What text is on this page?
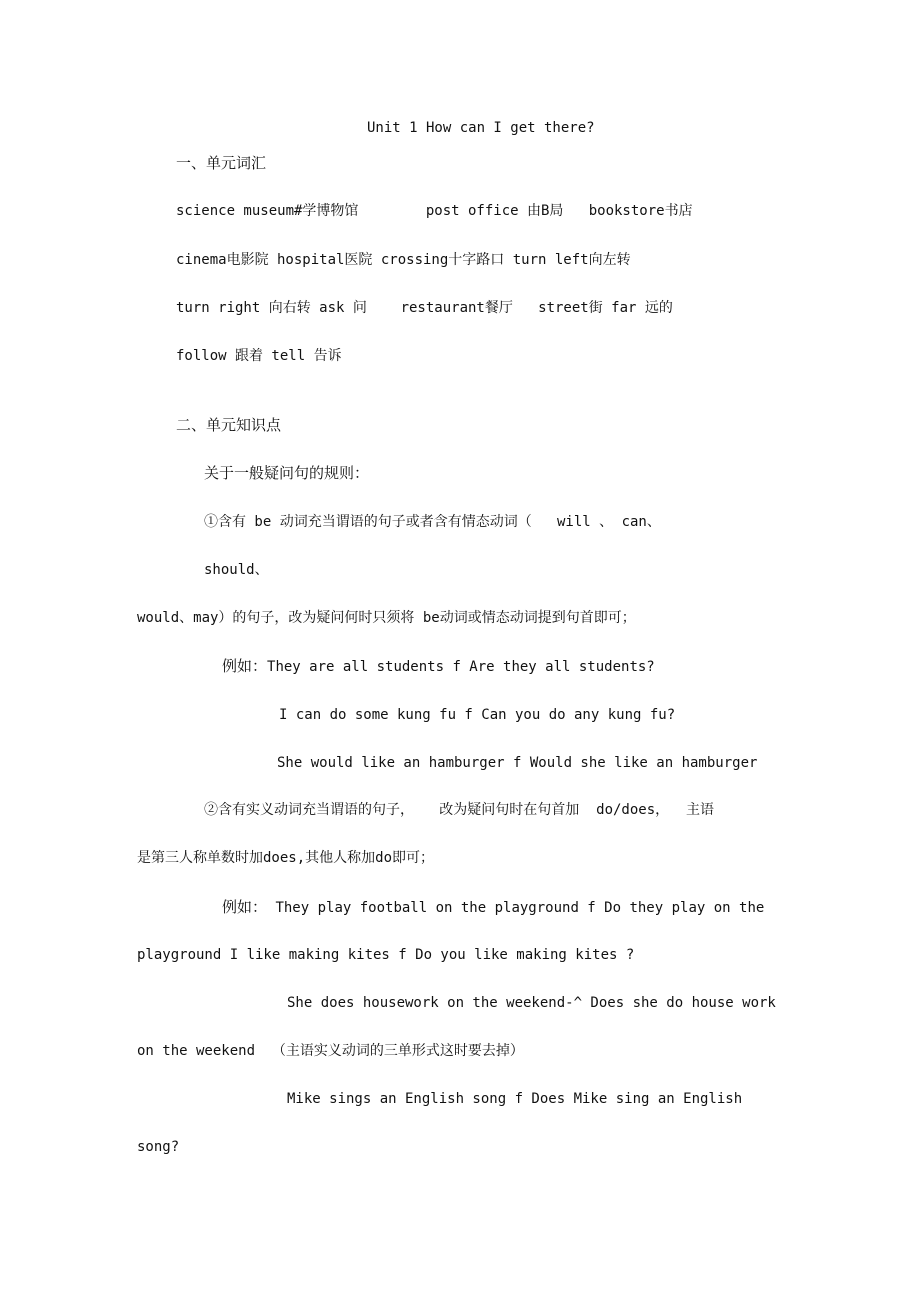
Unit 1 How can I get there?
一、单元词汇
science museum#学博物馆        post office 由B局   bookstore书店
cinema电影院 hospital医院 crossing十字路口 turn left向左转
turn right 向右转 ask 问    restaurant餐厅   street街 far 远的
follow 跟着 tell 告诉
二、单元知识点
关于一般疑问句的规则：
①含有 be 动词充当谓语的句子或者含有情态动词（   will 、 can、
should、
would、may）的句子，改为疑问何时只须将 be动词或情态动词提到句首即可；
例如：They are all students f Are they all students?
I can do some kung fu f Can you do any kung fu?
She would like an hamburger f Would she like an hamburger
②含有实义动词充当谓语的句子，   改为疑问句时在句首加  do/does，  主语
是第三人称单数时加does,其他人称加do即可；
例如： They play football on the playground f Do they play on the
playground I like making kites f Do you like making kites ?
She does housework on the weekend-^ Does she do house work
on the weekend  （主语实义动词的三单形式这时要去掉）
Mike sings an English song f Does Mike sing an English
song?
